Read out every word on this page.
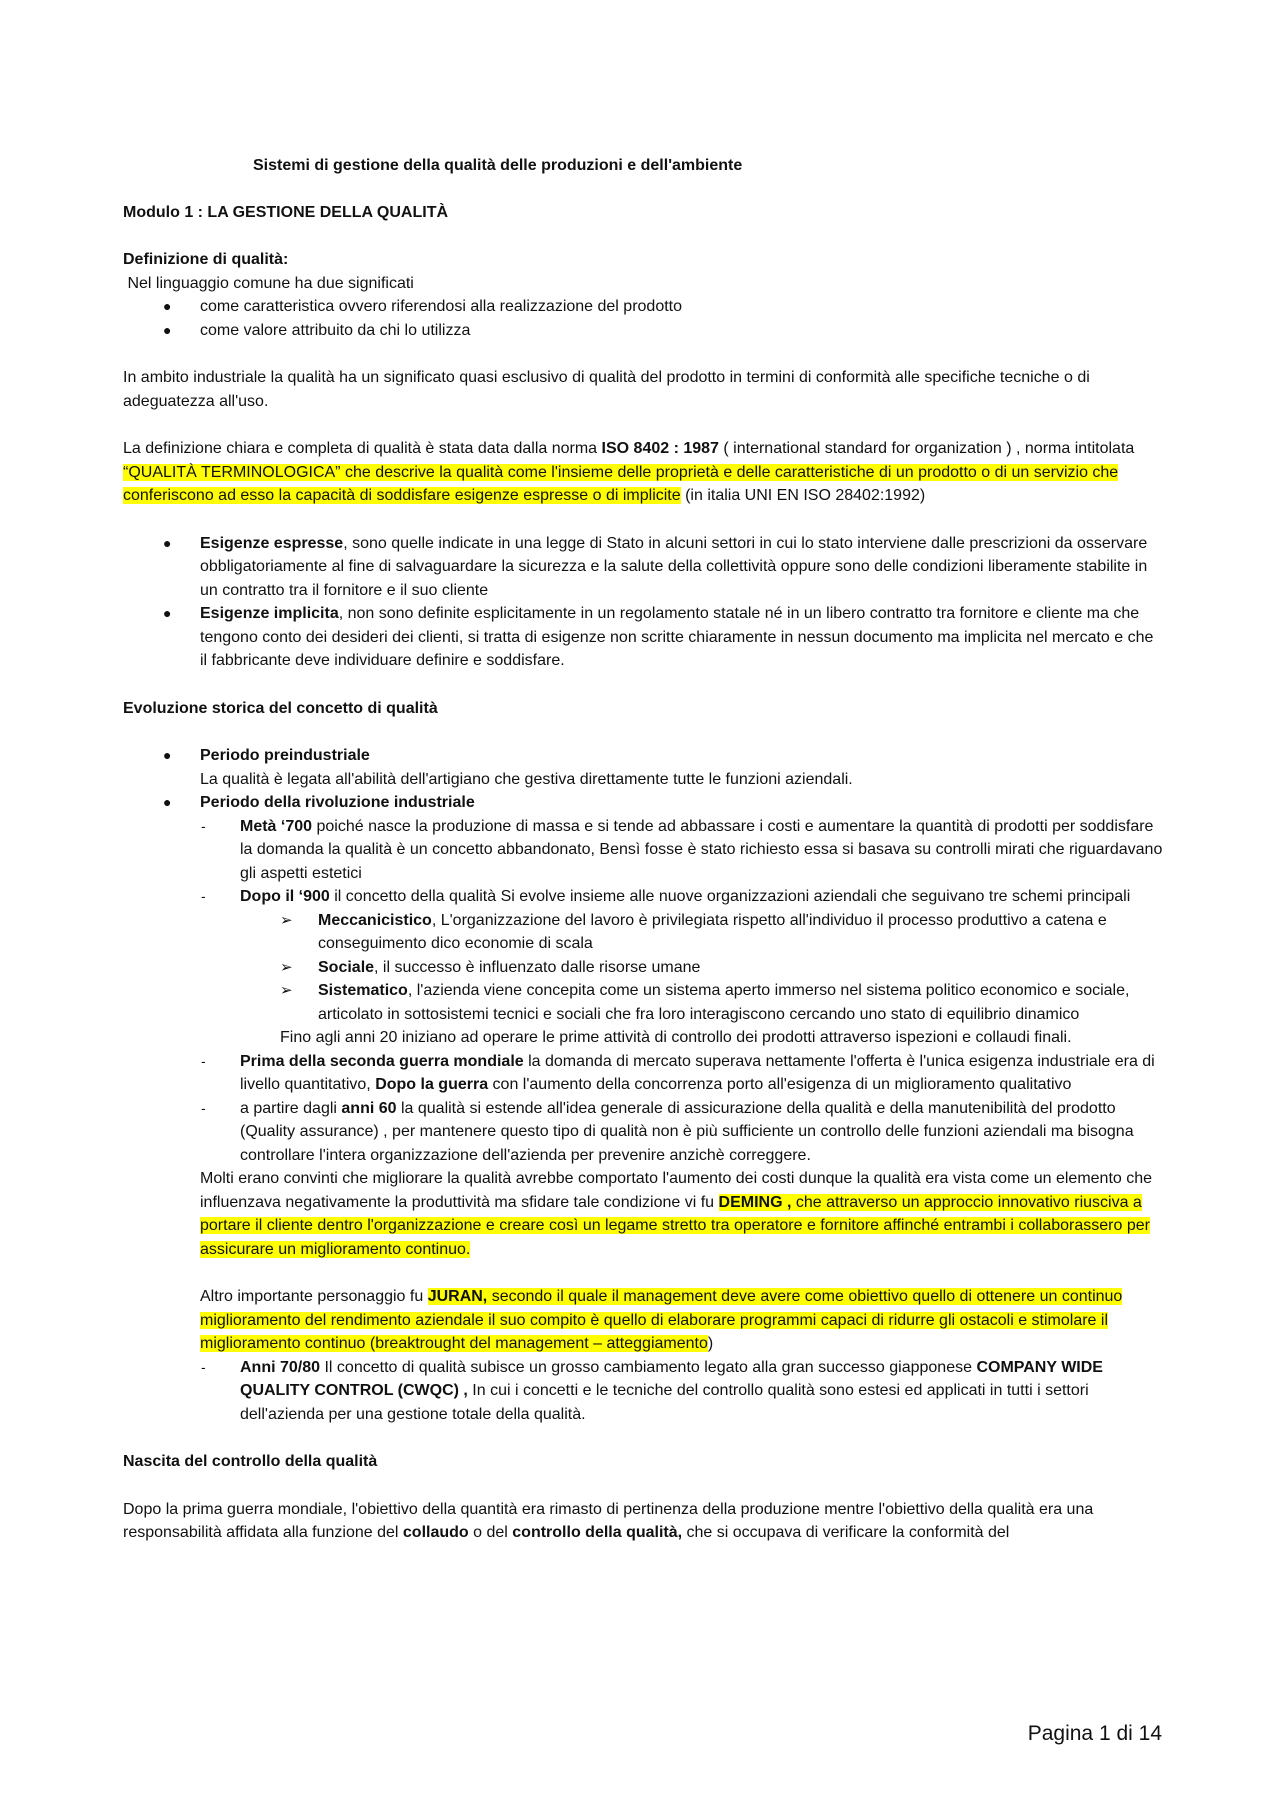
Sistemi di gestione della qualità delle produzioni e dell'ambiente

Modulo 1 : LA GESTIONE DELLA QUALITÀ

Definizione di qualità:

Nel linguaggio comune ha due significati

● come caratteristica ovvero riferendosi alla realizzazione del prodotto
● come valore attribuito da chi lo utilizza

In ambito industriale la qualità ha un significato quasi esclusivo di qualità del prodotto in termini di conformità alle specifiche tecniche o di adeguatezza all'uso.

La definizione chiara e completa di qualità è stata data dalla norma ISO 8402 : 1987 ( international standard for organization ) , norma intitolata
“QUALITÀ TERMINOLOGICA” che descrive la qualità come l'insieme delle proprietà e delle caratteristiche di un prodotto o di un servizio che conferiscono ad esso la capacità di soddisfare esigenze espresse o di implicite (in italia UNI EN ISO 28402:1992)

● Esigenze espresse, sono quelle indicate in una legge di Stato in alcuni settori in cui lo stato interviene dalle prescrizioni da osservare obbligatoriamente al fine di salvaguardare la sicurezza e la salute della collettività oppure sono delle condizioni liberamente stabilite in un contratto tra il fornitore e il suo cliente
● Esigenze implicita, non sono definite esplicitamente in un regolamento statale né in un libero contratto tra fornitore e cliente ma che tengono conto dei desideri dei clienti, si tratta di esigenze non scritte chiaramente in nessun documento ma implicita nel mercato e che il fabbricante deve individuare definire e soddisfare.

Evoluzione storica del concetto di qualità

● Periodo preindustriale
La qualità è legata all'abilità dell'artigiano che gestiva direttamente tutte le funzioni aziendali.
● Periodo della rivoluzione industriale
- Metà ‘700 poiché nasce la produzione di massa e si tende ad abbassare i costi e aumentare la quantità di prodotti per soddisfare la domanda la qualità è un concetto abbandonato, Bensì fosse è stato richiesto essa si basava su controlli mirati che riguardavano gli aspetti estetici
- Dopo il ‘900 il concetto della qualità Si evolve insieme alle nuove organizzazioni aziendali che seguivano tre schemi principali
➢ Meccanicistico, L'organizzazione del lavoro è privilegiata rispetto all'individuo il processo produttivo a catena e conseguimento dico economie di scala
➢ Sociale, il successo è influenzato dalle risorse umane
➢ Sistematico, l'azienda viene concepita come un sistema aperto immerso nel sistema politico economico e sociale, articolato in sottosistemi tecnici e sociali che fra loro interagiscono cercando uno stato di equilibrio dinamico

Fino agli anni 20 iniziano ad operare le prime attività di controllo dei prodotti attraverso ispezioni e collaudi finali.

- Prima della seconda guerra mondiale la domanda di mercato superava nettamente l'offerta è l'unica esigenza industriale era di livello quantitativo, Dopo la guerra con l'aumento della concorrenza porto all'esigenza di un miglioramento qualitativo
- a partire dagli anni 60 la qualità si estende all'idea generale di assicurazione della qualità e della manutenibilità del prodotto (Quality assurance) , per mantenere questo tipo di qualità non è più sufficiente un controllo delle funzioni aziendali ma bisogna controllare l'intera organizzazione dell'azienda per prevenire anzichè correggere.

Molti erano convinti che migliorare la qualità avrebbe comportato l'aumento dei costi dunque la qualità era vista come un elemento che influenzava negativamente la produttività ma sfidare tale condizione vi fu DEMING , che attraverso un approccio innovativo riusciva a portare il cliente dentro l'organizzazione e creare così un legame stretto tra operatore e fornitore affinché entrambi i collaborassero per assicurare un miglioramento continuo.

Altro importante personaggio fu JURAN, secondo il quale il management deve avere come obiettivo quello di ottenere un continuo miglioramento del rendimento aziendale il suo compito è quello di elaborare programmi capaci di ridurre gli ostacoli e stimolare il miglioramento continuo (breaktrought del management – atteggiamento)

- Anni 70/80 Il concetto di qualità subisce un grosso cambiamento legato alla gran successo giapponese COMPANY WIDE QUALITY CONTROL (CWQC) , In cui i concetti e le tecniche del controllo qualità sono estesi ed applicati in tutti i settori dell'azienda per una gestione totale della qualità.

Nascita del controllo della qualità

Dopo la prima guerra mondiale, l'obiettivo della quantità era rimasto di pertinenza della produzione mentre l'obiettivo della qualità era una responsabilità affidata alla funzione del collaudo o del controllo della qualità, che si occupava di verificare la conformità del

Pagina 1 di 14
